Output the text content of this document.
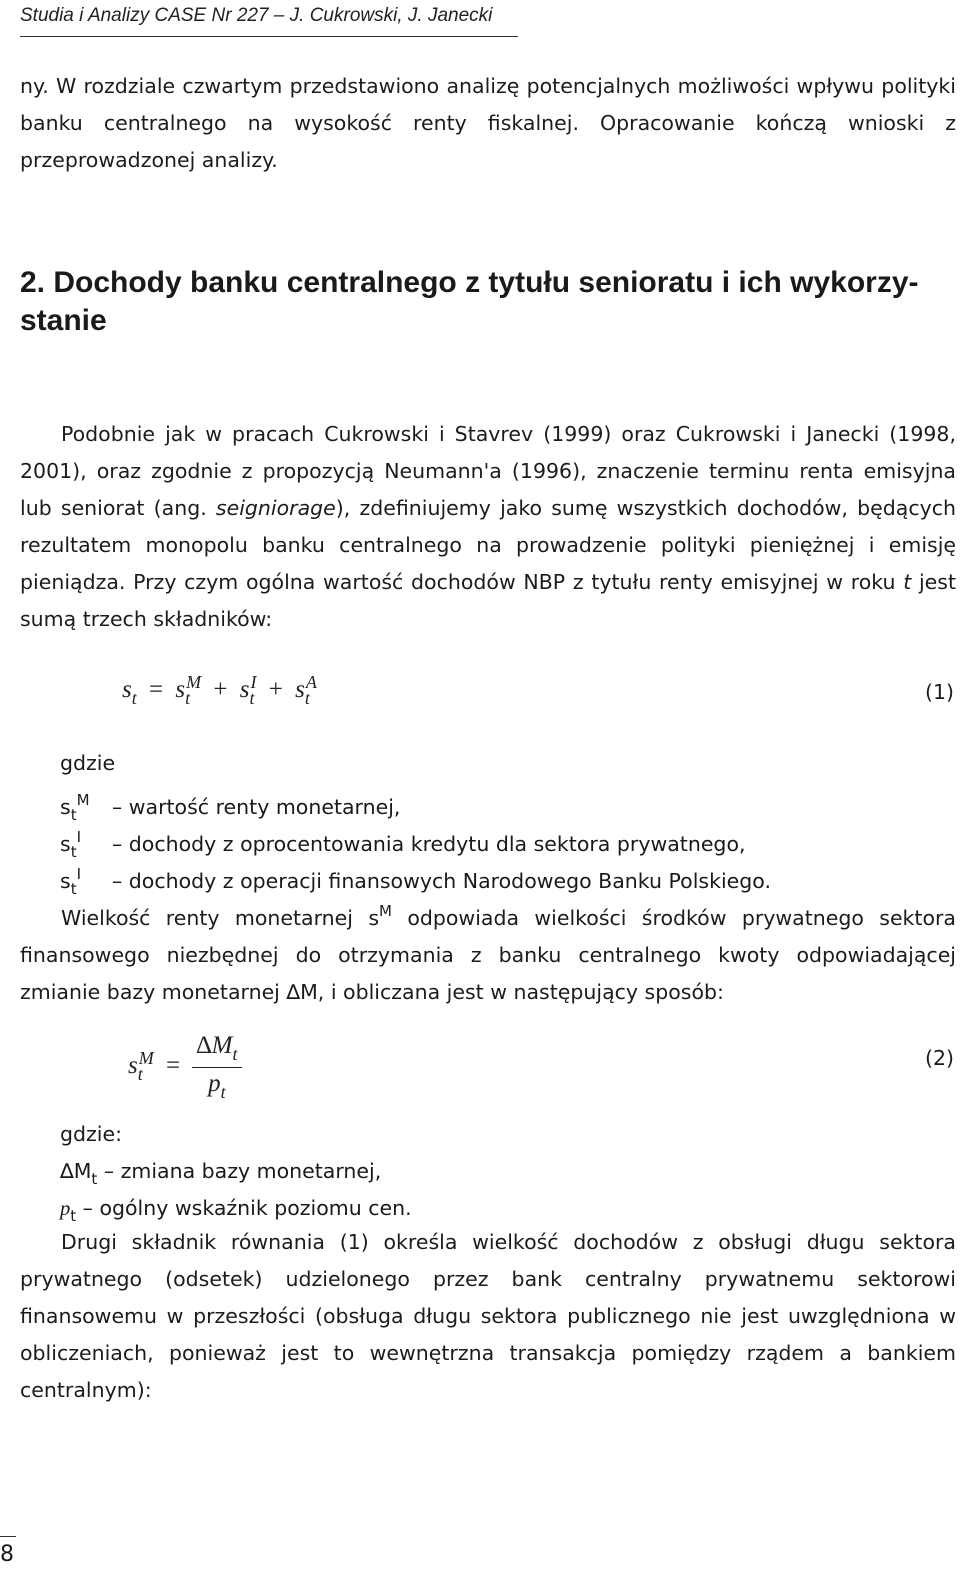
Studia i Analizy CASE Nr 227 – J. Cukrowski, J. Janecki
ny. W rozdziale czwartym przedstawiono analizę potencjalnych możliwości wpływu polityki banku centralnego na wysokość renty fiskalnej. Opracowanie kończą wnioski z przeprowadzonej analizy.
2. Dochody banku centralnego z tytułu senioratu i ich wykorzy-stanie
Podobnie jak w pracach Cukrowski i Stavrev (1999) oraz Cukrowski i Janecki (1998, 2001), oraz zgodnie z propozycją Neumann'a (1996), znaczenie terminu renta emisyjna lub seniorat (ang. seigniorage), zdefiniujemy jako sumę wszystkich dochodów, będących rezultatem monopolu banku centralnego na prowadzenie polityki pieniężnej i emisję pieniądza. Przy czym ogólna wartość dochodów NBP z tytułu renty emisyjnej w roku t jest sumą trzech składników:
$s_t = s_t^M + s_t^I + s_t^A$	(1)
gdzie
$s_t^M$ – wartość renty monetarnej,
$s_t^I$ – dochody z oprocentowania kredytu dla sektora prywatnego,
$s_t^I$ – dochody z operacji finansowych Narodowego Banku Polskiego.
Wielkość renty monetarnej $s^M$ odpowiada wielkości środków prywatnego sektora finansowego niezbędnej do otrzymania z banku centralnego kwoty odpowiadającej zmianie bazy monetarnej ∆M, i obliczana jest w następujący sposób:
$s_t^M = \frac{\Delta M_t}{p_t}$	(2)
gdzie:
$\Delta M_t$ – zmiana bazy monetarnej,
$p_t$ – ogólny wskaźnik poziomu cen.
Drugi składnik równania (1) określa wielkość dochodów z obsługi długu sektora prywatnego (odsetek) udzielonego przez bank centralny prywatnemu sektorowi finansowemu w przeszłości (obsługa długu sektora publicznego nie jest uwzględniona w obliczeniach, ponieważ jest to wewnętrzna transakcja pomiędzy rządem a bankiem centralnym):
8
